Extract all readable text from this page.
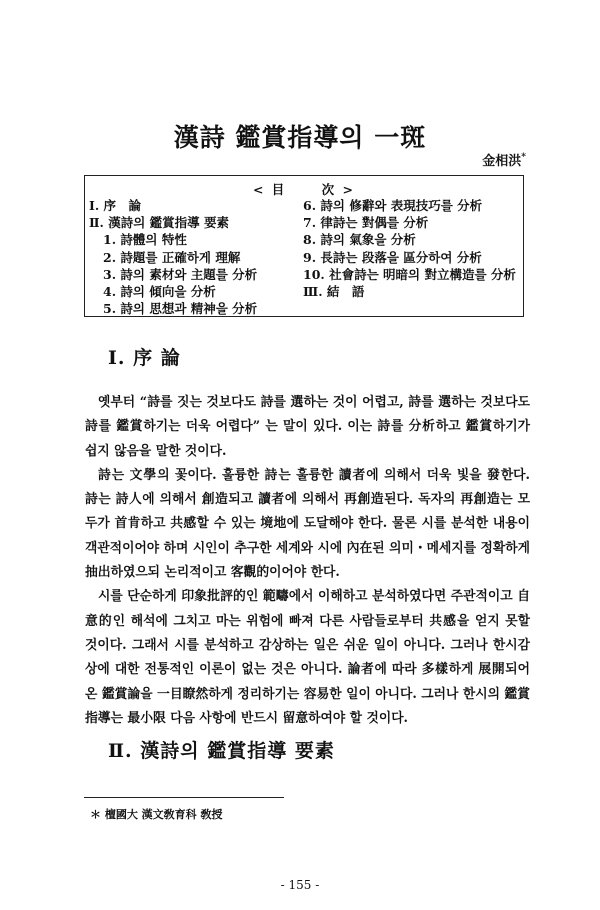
漢詩 鑑賞指導의 一斑
金相洪*
< 目　　 次 >
Ⅰ. 序　論
Ⅱ. 漢詩의 鑑賞指導 要素
1. 詩體의 特性
2. 詩題를 正確하게 理解
3. 詩의 素材와 主題를 分析
4. 詩의 傾向을 分析
5. 詩의 思想과 精神을 分析
6. 詩의 修辭와 表現技巧를 分析
7. 律詩는 對偶를 分析
8. 詩의 氣象을 分析
9. 長詩는 段落을 區分하여 分析
10. 社會詩는 明暗의 對立構造를 分析
Ⅲ. 結　語
Ⅰ. 序 論

옛부터 “詩를 짓는 것보다도 詩를 選하는 것이 어렵고, 詩를 選하는 것보다도 詩를 鑑賞하기는 더욱 어렵다” 는 말이 있다. 이는 詩를 分析하고 鑑賞하기가 쉽지 않음을 말한 것이다.

詩는 文學의 꽃이다. 훌륭한 詩는 훌륭한 讀者에 의해서 더욱 빛을 發한다. 詩는 詩人에 의해서 創造되고 讀者에 의해서 再創造된다. 독자의 再創造는 모두가 首肯하고 共感할 수 있는 境地에 도달해야 한다. 물론 시를 분석한 내용이 객관적이어야 하며 시인이 추구한 세계와 시에 內在된 의미・메세지를 정확하게 抽出하였으되 논리적이고 客觀的이어야 한다.

시를 단순하게 印象批評的인 範疇에서 이해하고 분석하였다면 주관적이고 自意的인 해석에 그치고 마는 위험에 빠져 다른 사람들로부터 共感을 얻지 못할 것이다. 그래서 시를 분석하고 감상하는 일은 쉬운 일이 아니다. 그러나 한시감상에 대한 전통적인 이론이 없는 것은 아니다. 論者에 따라 多樣하게 展開되어온 鑑賞論을 一目瞭然하게 정리하기는 容易한 일이 아니다. 그러나 한시의 鑑賞指導는 最小限 다음 사항에 반드시 留意하여야 할 것이다.

Ⅱ. 漢詩의 鑑賞指導 要素
＊ 檀國大 漢文敎育科 敎授
- 155 -
